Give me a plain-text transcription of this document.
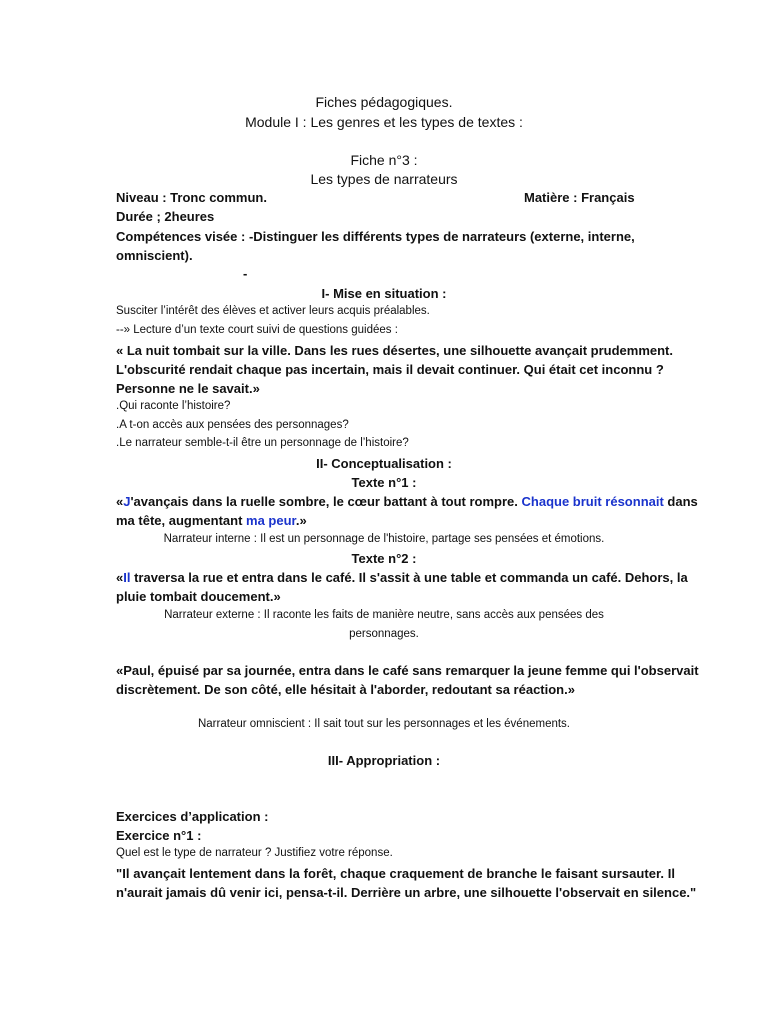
Fiches pédagogiques.
Module I : Les genres et les types de textes :
Fiche n°3 :
Les types de narrateurs
Niveau : Tronc commun.	Matière : Français
Durée ; 2heures
Compétences visée : -Distinguer les différents types de narrateurs (externe, interne,
omniscient).
-
I- Mise en situation :
Susciter l’intérêt des élèves et activer leurs acquis préalables.
--» Lecture d’un texte court suivi de questions guidées :
« La nuit tombait sur la ville. Dans les rues désertes, une silhouette avançait prudemment.
L'obscurité rendait chaque pas incertain, mais il devait continuer. Qui était cet inconnu ?
Personne ne le savait.»
.Qui raconte l’histoire?
.A t-on accès aux pensées des personnages?
.Le narrateur semble-t-il être un personnage de l’histoire?
II- Conceptualisation :
Texte n°1 :
«J'avançais dans la ruelle sombre, le cœur battant à tout rompre. Chaque bruit résonnait dans
ma tête, augmentant ma peur.»
Narrateur interne : Il est un personnage de l'histoire, partage ses pensées et émotions.
Texte n°2 :
«Il traversa la rue et entra dans le café. Il s'assit à une table et commanda un café. Dehors, la
pluie tombait doucement.»
Narrateur externe : Il raconte les faits de manière neutre, sans accès aux pensées des
personnages.
«Paul, épuisé par sa journée, entra dans le café sans remarquer la jeune femme qui l'observait
discrètement. De son côté, elle hésitait à l'aborder, redoutant sa réaction.»
Narrateur omniscient : Il sait tout sur les personnages et les événements.
III- Appropriation :
Exercices d’application :
Exercice n°1 :
Quel est le type de narrateur ? Justifiez votre réponse.
"Il avançait lentement dans la forêt, chaque craquement de branche le faisant sursauter. Il
n'aurait jamais dû venir ici, pensa-t-il. Derrière un arbre, une silhouette l'observait en silence."
